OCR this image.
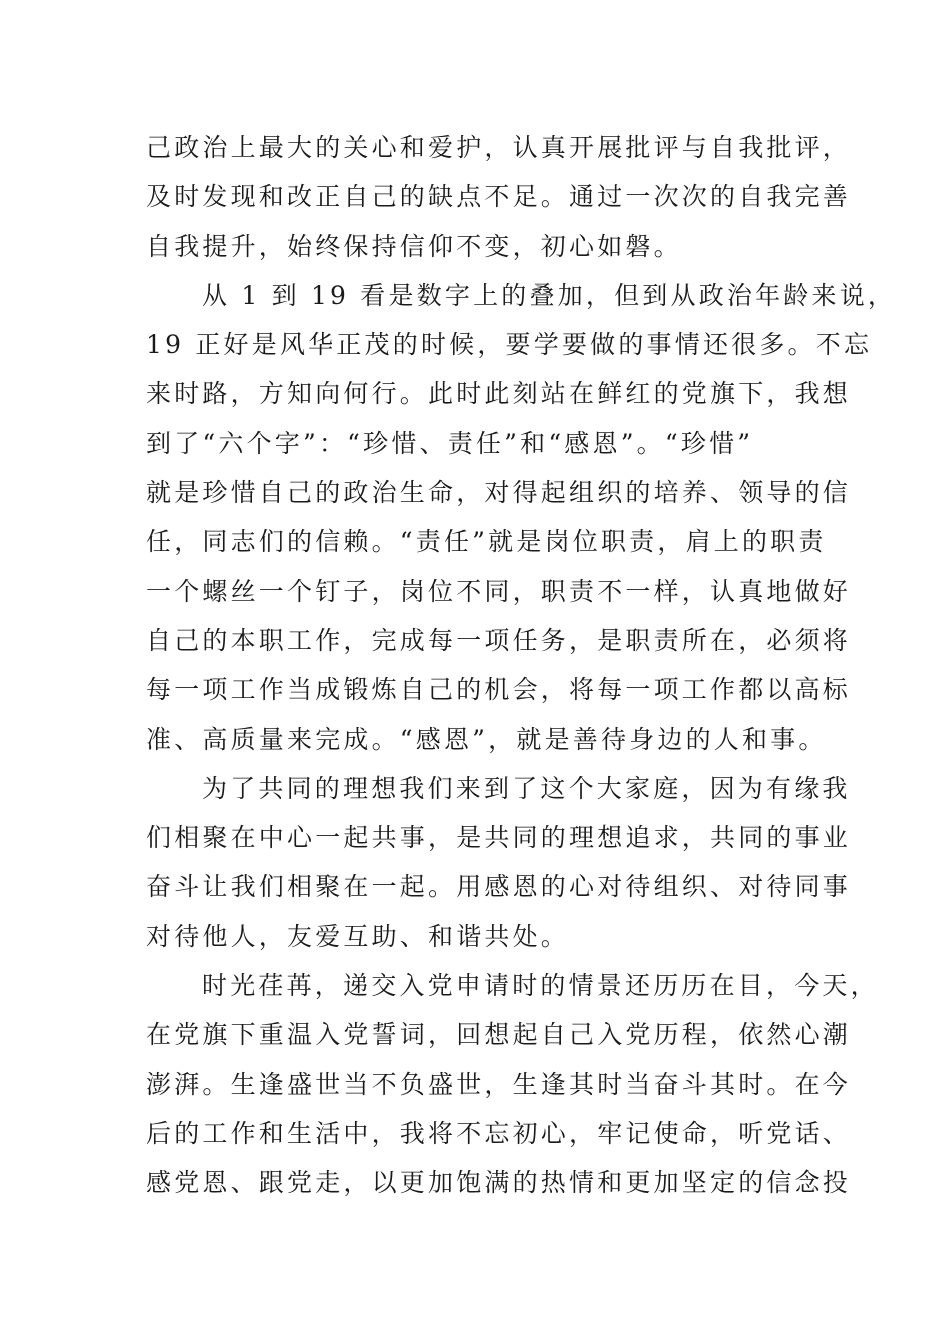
己政治上最大的关心和爱护，认真开展批评与自我批评，
及时发现和改正自己的缺点不足。通过一次次的自我完善
自我提升，始终保持信仰不变，初心如磐。
从 1 到 19 看是数字上的叠加，但到从政治年龄来说，
19 正好是风华正茂的时候，要学要做的事情还很多。不忘
来时路，方知向何行。此时此刻站在鲜红的党旗下，我想
到了“六个字”：“珍惜、责任”和“感恩”。“珍惜”
就是珍惜自己的政治生命，对得起组织的培养、领导的信
任，同志们的信赖。“责任”就是岗位职责，肩上的职责
一个螺丝一个钉子，岗位不同，职责不一样，认真地做好
自己的本职工作，完成每一项任务，是职责所在，必须将
每一项工作当成锻炼自己的机会，将每一项工作都以高标
准、高质量来完成。“感恩”，就是善待身边的人和事。
为了共同的理想我们来到了这个大家庭，因为有缘我
们相聚在中心一起共事，是共同的理想追求，共同的事业
奋斗让我们相聚在一起。用感恩的心对待组织、对待同事
对待他人，友爱互助、和谐共处。
时光荏苒，递交入党申请时的情景还历历在目，今天，
在党旗下重温入党誓词，回想起自己入党历程，依然心潮
澎湃。生逢盛世当不负盛世，生逢其时当奋斗其时。在今
后的工作和生活中，我将不忘初心，牢记使命，听党话、
感党恩、跟党走，以更加饱满的热情和更加坚定的信念投
